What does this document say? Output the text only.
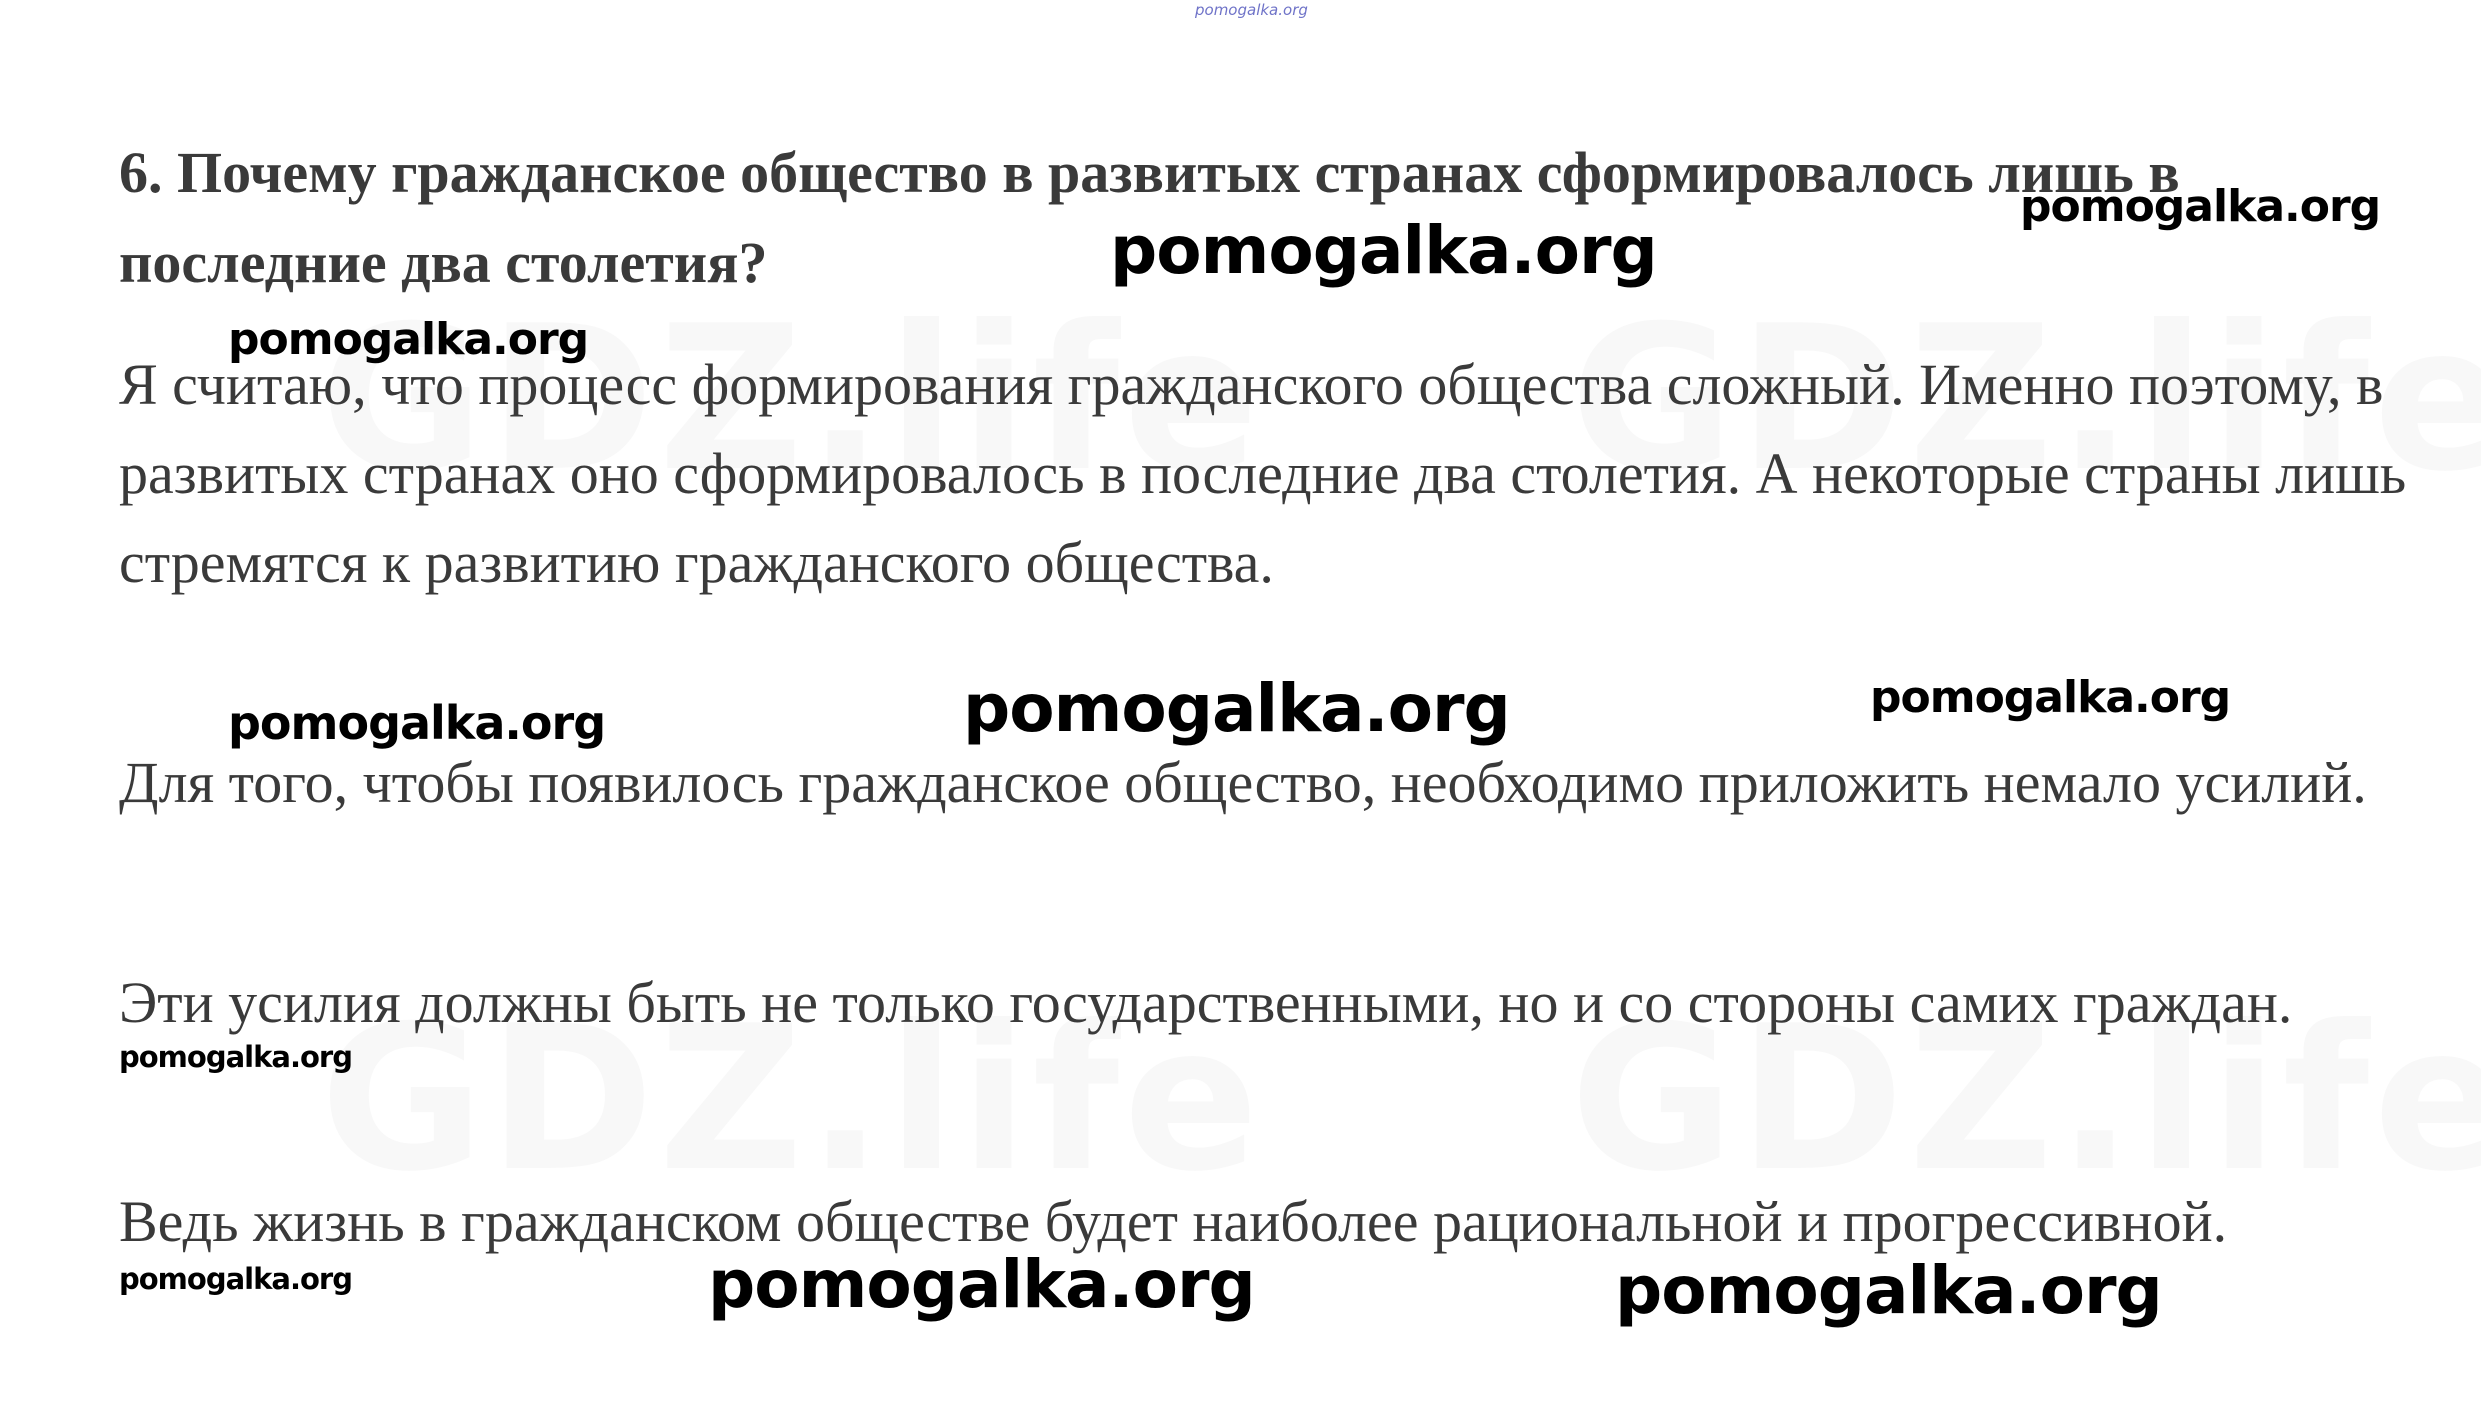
pomogalka.org
6. Почему гражданское общество в развитых странах сформировалось лишь в последние два столетия?

Я считаю, что процесс формирования гражданского общества сложный. Именно поэтому, в развитых странах оно сформировалось в последние два столетия. А некоторые страны лишь стремятся к развитию гражданского общества.

Для того, чтобы появилось гражданское общество, необходимо приложить немало усилий.

Эти усилия должны быть не только государственными, но и со стороны самих граждан.

Ведь жизнь в гражданском обществе будет наиболее рациональной и прогрессивной.

pomogalka.org
pomogalka.org
pomogalka.org
pomogalka.org	pomogalka.org	pomogalka.org
pomogalka.org
pomogalka.org	pomogalka.org	pomogalka.org
